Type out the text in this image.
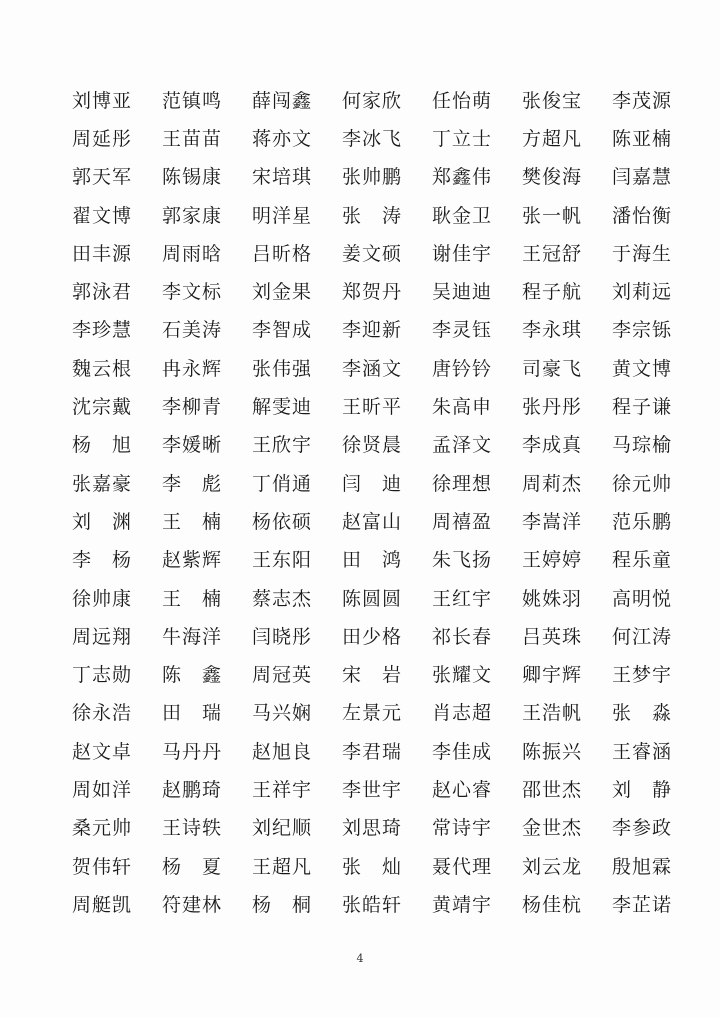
刘博亚	范镇鸣	薛闯鑫	何家欣	任怡萌	张俊宝	李茂源
周延彤	王苗苗	蒋亦文	李冰飞	丁立士	方超凡	陈亚楠
郭天军	陈锡康	宋培琪	张帅鹏	郑鑫伟	樊俊海	闫嘉慧
翟文博	郭家康	明洋星	张　涛	耿金卫	张一帆	潘怡衡
田丰源	周雨晗	吕昕格	姜文硕	谢佳宇	王冠舒	于海生
郭泳君	李文标	刘金果	郑贺丹	吴迪迪	程子航	刘莉远
李珍慧	石美涛	李智成	李迎新	李灵钰	李永琪	李宗铄
魏云根	冉永辉	张伟强	李涵文	唐钤钤	司豪飞	黄文博
沈宗戴	李柳青	解雯迪	王昕平	朱高申	张丹彤	程子谦
杨　旭	李媛晰	王欣宇	徐贤晨	孟泽文	李成真	马琮榆
张嘉豪	李　彪	丁俏通	闫　迪	徐理想	周莉杰	徐元帅
刘　渊	王　楠	杨依硕	赵富山	周禧盈	李嵩洋	范乐鹏
李　杨	赵紫辉	王东阳	田　鸿	朱飞扬	王婷婷	程乐童
徐帅康	王　楠	蔡志杰	陈圆圆	王红宇	姚姝羽	高明悦
周远翔	牛海洋	闫晓彤	田少格	祁长春	吕英珠	何江涛
丁志勋	陈　鑫	周冠英	宋　岩	张耀文	卿宇辉	王梦宇
徐永浩	田　瑞	马兴娴	左景元	肖志超	王浩帆	张　淼
赵文卓	马丹丹	赵旭良	李君瑞	李佳成	陈振兴	王睿涵
周如洋	赵鹏琦	王祥宇	李世宇	赵心睿	邵世杰	刘　静
桑元帅	王诗轶	刘纪顺	刘思琦	常诗宇	金世杰	李参政
贺伟轩	杨　夏	王超凡	张　灿	聂代理	刘云龙	殷旭霖
周艇凯	符建林	杨　桐	张皓轩	黄靖宇	杨佳杭	李芷诺
4
